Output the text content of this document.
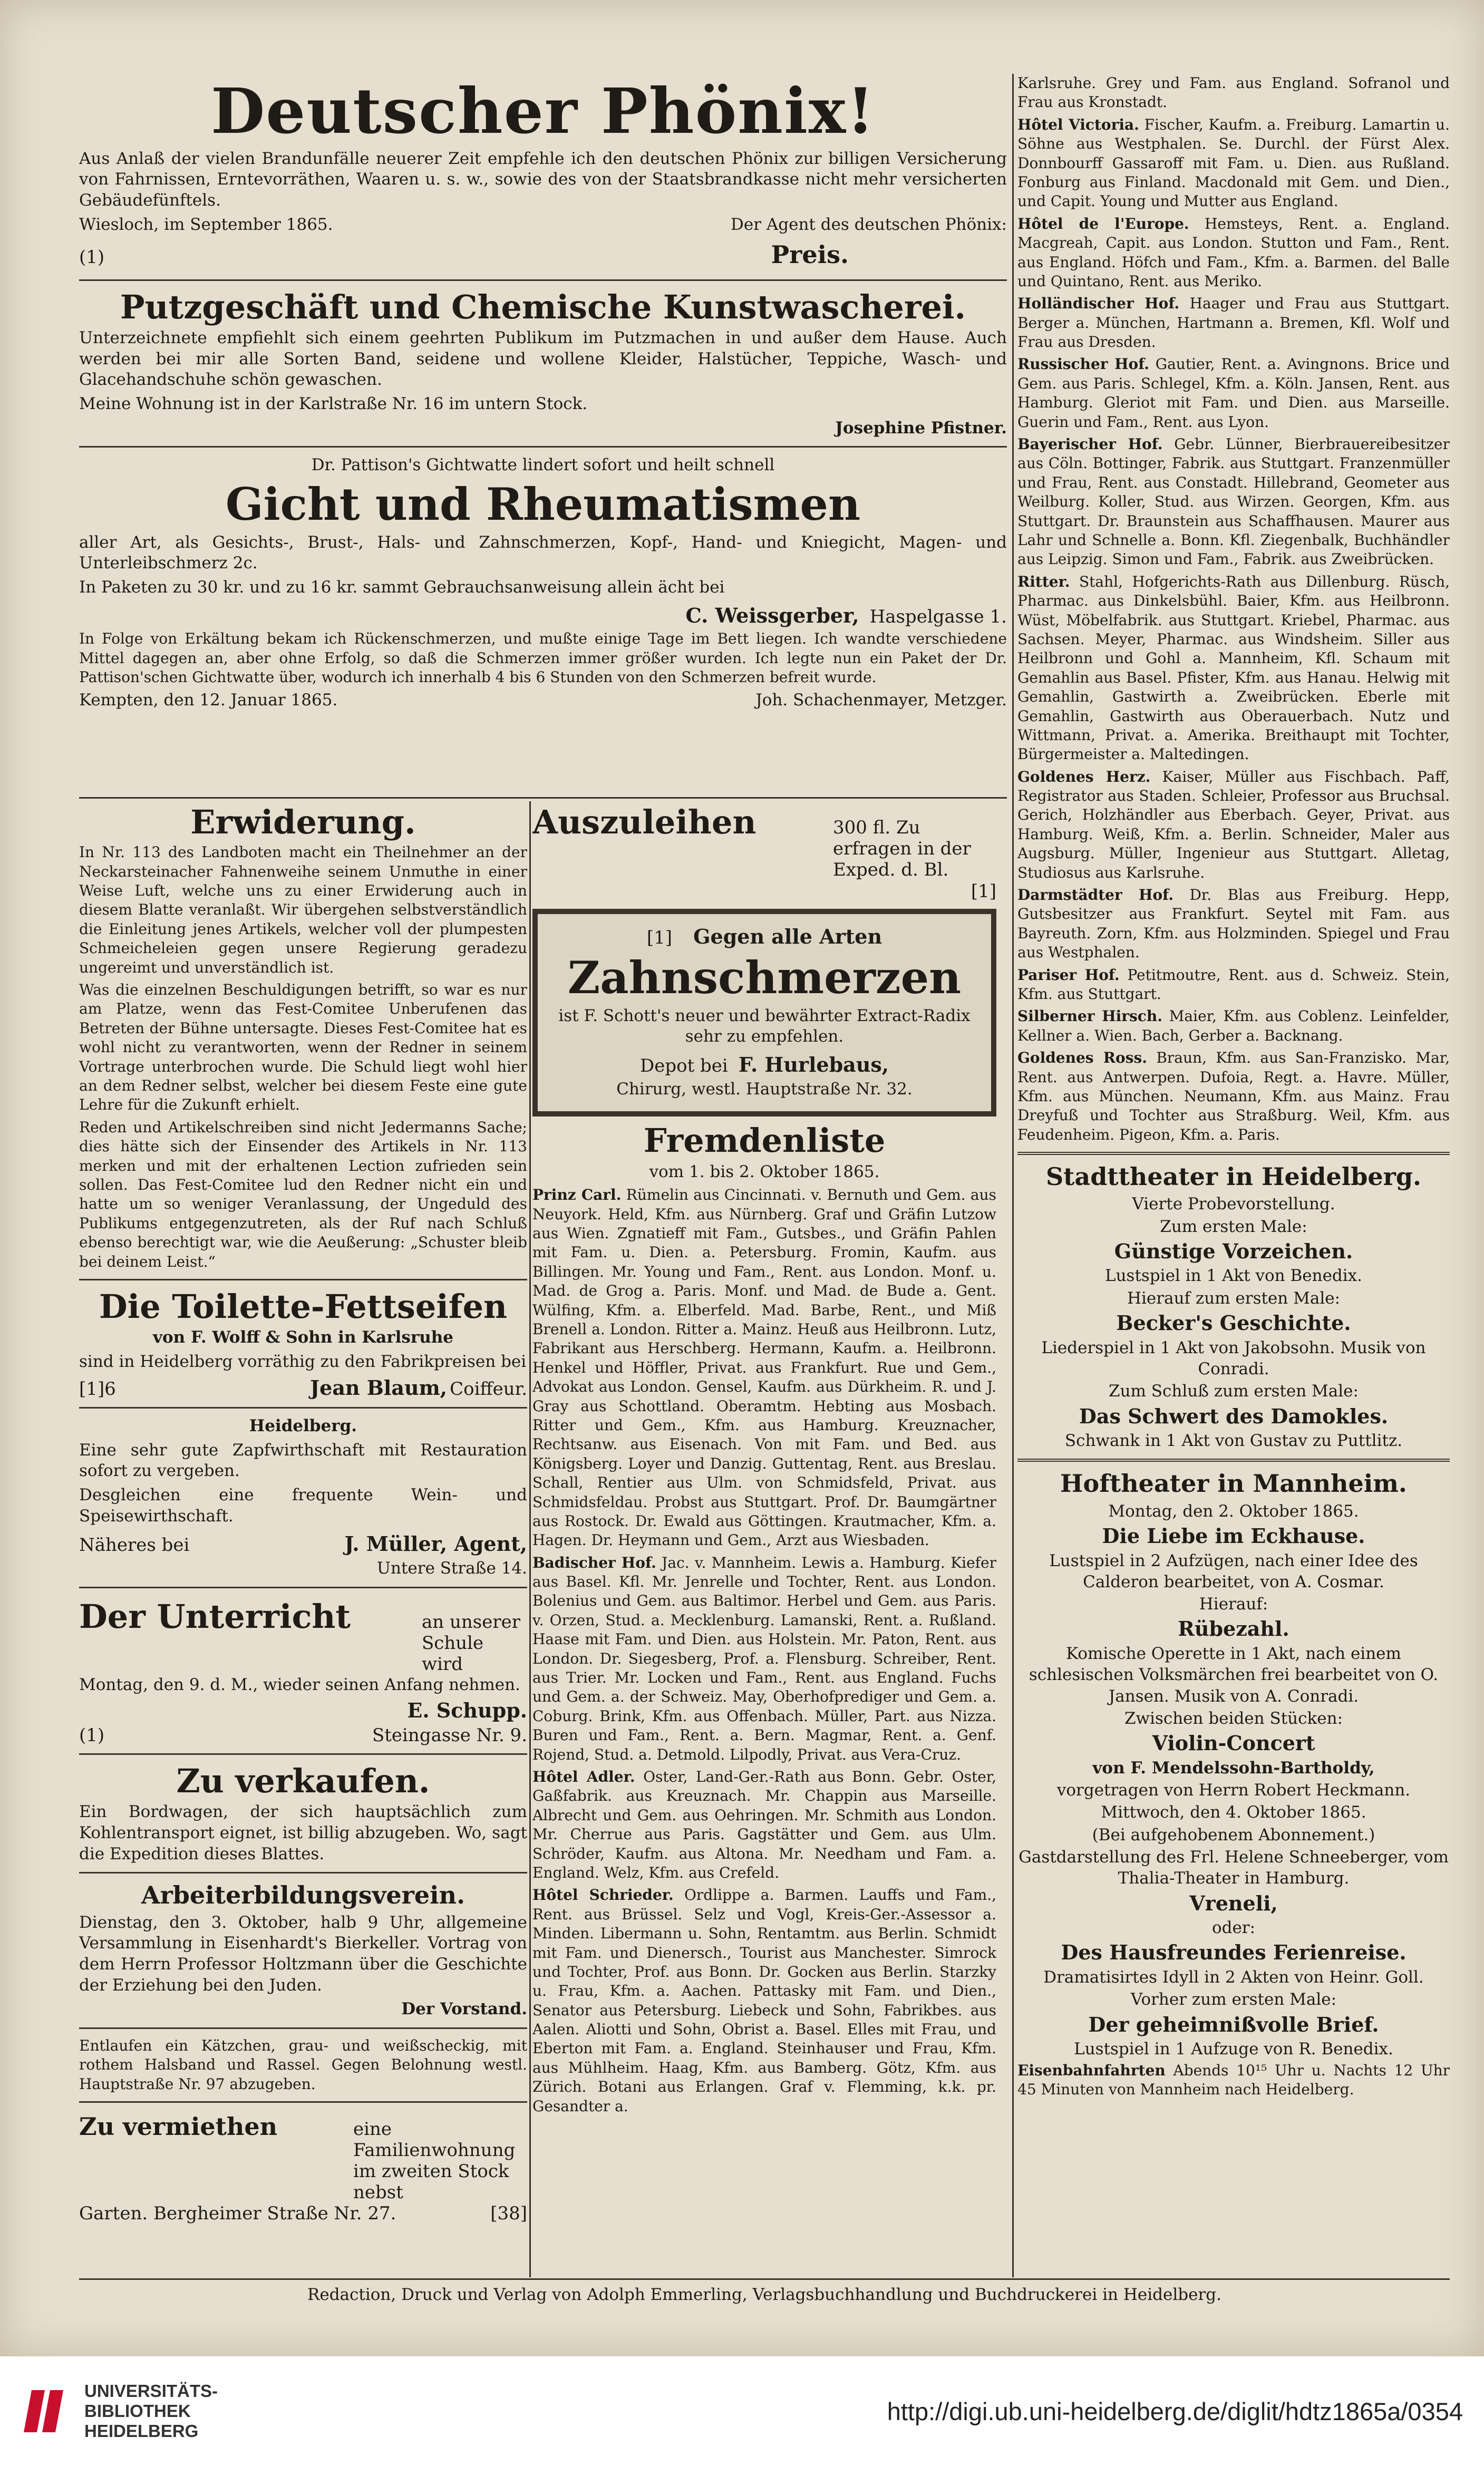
Deutscher Phönix!

Aus Anlaß der vielen Brandunfälle neuerer Zeit empfehle ich den deutschen Phönix zur billigen Versicherung von Fahrnissen, Erntevorräthen, Waaren u. s. w., sowie des von der Staatsbrandkasse nicht mehr versicherten Gebäudefünftels.

Wiesloch, im September 1865.	Der Agent des deutschen Phönix:

(1)	Preis.
Putzgeschäft und Chemische Kunstwascherei.

Unterzeichnete empfiehlt sich einem geehrten Publikum im Putzmachen in und außer dem Hause. Auch werden bei mir alle Sorten Band, seidene und wollene Kleider, Halstücher, Teppiche, Wasch- und Glacehandschuhe schön gewaschen.

Meine Wohnung ist in der Karlstraße Nr. 16 im untern Stock.

Josephine Pfistner.

Dr. Pattison's Gichtwatte lindert sofort und heilt schnell

Gicht und Rheumatismen

aller Art, als Gesichts-, Brust-, Hals- und Zahnschmerzen, Kopf-, Hand- und Kniegicht, Magen- und Unterleibschmerz 2c.

In Paketen zu 30 kr. und zu 16 kr. sammt Gebrauchsanweisung allein ächt bei

C. Weissgerber, Haspelgasse 1.

In Folge von Erkältung bekam ich Rückenschmerzen, und mußte einige Tage im Bett liegen. Ich wandte verschiedene Mittel dagegen an, aber ohne Erfolg, so daß die Schmerzen immer größer wurden. Ich legte nun ein Paket der Dr. Pattison'schen Gichtwatte über, wodurch ich innerhalb 4 bis 6 Stunden von den Schmerzen befreit wurde.

Kempten, den 12. Januar 1865.	Joh. Schachenmayer, Metzger.

Erwiderung.

In Nr. 113 des Landboten macht ein Theilnehmer an der Neckarsteinacher Fahnenweihe seinem Unmuthe in einer Weise Luft, welche uns zu einer Erwiderung auch in diesem Blatte veranlaßt. Wir übergehen selbstverständlich die Einleitung jenes Artikels, welcher voll der plumpesten Schmeicheleien gegen unsere Regierung geradezu ungereimt und unverständlich ist.

Was die einzelnen Beschuldigungen betrifft, so war es nur am Platze, wenn das Fest-Comitee Unberufenen das Betreten der Bühne untersagte. Dieses Fest-Comitee hat es wohl nicht zu verantworten, wenn der Redner in seinem Vortrage unterbrochen wurde. Die Schuld liegt wohl hier an dem Redner selbst, welcher bei diesem Feste eine gute Lehre für die Zukunft erhielt.

Reden und Artikelschreiben sind nicht Jedermanns Sache; dies hätte sich der Einsender des Artikels in Nr. 113 merken und mit der erhaltenen Lection zufrieden sein sollen. Das Fest-Comitee lud den Redner nicht ein und hatte um so weniger Veranlassung, der Ungeduld des Publikums entgegenzutreten, als der Ruf nach Schluß ebenso berechtigt war, wie die Aeußerung: „Schuster bleib bei deinem Leist.“

Die Toilette-Fettseifen

von F. Wolff & Sohn in Karlsruhe

sind in Heidelberg vorräthig zu den Fabrikpreisen bei

[1]6	Jean Blaum, Coiffeur.

Heidelberg.

Eine sehr gute Zapfwirthschaft mit Restauration sofort zu vergeben.

Desgleichen eine frequente Wein- und Speisewirthschaft.

Näheres bei	J. Müller, Agent,

Untere Straße 14.

Der Unterricht	an unserer Schule wird

Montag, den 9. d. M., wieder seinen Anfang nehmen.

E. Schupp.

(1)	Steingasse Nr. 9.
Zu verkaufen.

Ein Bordwagen, der sich hauptsächlich zum Kohlentransport eignet, ist billig abzugeben. Wo, sagt die Expedition dieses Blattes.

Arbeiterbildungsverein.

Dienstag, den 3. Oktober, halb 9 Uhr, allgemeine Versammlung in Eisenhardt's Bierkeller. Vortrag von dem Herrn Professor Holtzmann über die Geschichte der Erziehung bei den Juden.

Der Vorstand.

Entlaufen ein Kätzchen, grau- und weißscheckig, mit rothem Halsband und Rassel. Gegen Belohnung westl. Hauptstraße Nr. 97 abzugeben.

Zu vermiethen	eine Familienwohnung im zweiten Stock nebst
Garten. Bergheimer Straße Nr. 27.	[38]
Auszuleihen	300 fl. Zu erfragen in der Exped. d. Bl.

[1]

[1] Gegen alle Arten
Zahnschmerzen

ist F. Schott's neuer und bewährter Extract-Radix sehr zu empfehlen.

Depot bei F. Hurlebaus,

Chirurg, westl. Hauptstraße Nr. 32.

Fremdenliste

vom 1. bis 2. Oktober 1865.

Prinz Carl. Rümelin aus Cincinnati. v. Bernuth und Gem. aus Neuyork. Held, Kfm. aus Nürnberg. Graf und Gräfin Lutzow aus Wien. Zgnatieff mit Fam., Gutsbes., und Gräfin Pahlen mit Fam. u. Dien. a. Petersburg. Fromin, Kaufm. aus Billingen. Mr. Young und Fam., Rent. aus London. Monf. u. Mad. de Grog a. Paris. Monf. und Mad. de Bude a. Gent. Wülfing, Kfm. a. Elberfeld. Mad. Barbe, Rent., und Miß Brenell a. London. Ritter a. Mainz. Heuß aus Heilbronn. Lutz, Fabrikant aus Herschberg. Hermann, Kaufm. a. Heilbronn. Henkel und Höffler, Privat. aus Frankfurt. Rue und Gem., Advokat aus London. Gensel, Kaufm. aus Dürkheim. R. und J. Gray aus Schottland. Oberamtm. Hebting aus Mosbach. Ritter und Gem., Kfm. aus Hamburg. Kreuznacher, Rechtsanw. aus Eisenach. Von mit Fam. und Bed. aus Königsberg. Loyer und Danzig. Guttentag, Rent. aus Breslau. Schall, Rentier aus Ulm. von Schmidsfeld, Privat. aus Schmidsfeldau. Probst aus Stuttgart. Prof. Dr. Baumgärtner aus Rostock. Dr. Ewald aus Göttingen. Krautmacher, Kfm. a. Hagen. Dr. Heymann und Gem., Arzt aus Wiesbaden.

Badischer Hof. Jac. v. Mannheim. Lewis a. Hamburg. Kiefer aus Basel. Kfl. Mr. Jenrelle und Tochter, Rent. aus London. Bolenius und Gem. aus Baltimor. Herbel und Gem. aus Paris. v. Orzen, Stud. a. Mecklenburg. Lamanski, Rent. a. Rußland. Haase mit Fam. und Dien. aus Holstein. Mr. Paton, Rent. aus London. Dr. Siegesberg, Prof. a. Flensburg. Schreiber, Rent. aus Trier. Mr. Locken und Fam., Rent. aus England. Fuchs und Gem. a. der Schweiz. May, Oberhofprediger und Gem. a. Coburg. Brink, Kfm. aus Offenbach. Müller, Part. aus Nizza. Buren und Fam., Rent. a. Bern. Magmar, Rent. a. Genf. Rojend, Stud. a. Detmold. Lilpodly, Privat. aus Vera-Cruz.

Hôtel Adler. Oster, Land-Ger.-Rath aus Bonn. Gebr. Oster, Gaßfabrik. aus Kreuznach. Mr. Chappin aus Marseille. Albrecht und Gem. aus Oehringen. Mr. Schmith aus London. Mr. Cherrue aus Paris. Gagstätter und Gem. aus Ulm. Schröder, Kaufm. aus Altona. Mr. Needham und Fam. a. England. Welz, Kfm. aus Crefeld.

Hôtel Schrieder. Ordlippe a. Barmen. Lauffs und Fam., Rent. aus Brüssel. Selz und Vogl, Kreis-Ger.-Assessor a. Minden. Libermann u. Sohn, Rentamtm. aus Berlin. Schmidt mit Fam. und Dienersch., Tourist aus Manchester. Simrock und Tochter, Prof. aus Bonn. Dr. Gocken aus Berlin. Starzky u. Frau, Kfm. a. Aachen. Pattasky mit Fam. und Dien., Senator aus Petersburg. Liebeck und Sohn, Fabrikbes. aus Aalen. Aliotti und Sohn, Obrist a. Basel. Elles mit Frau, und Eberton mit Fam. a. England. Steinhauser und Frau, Kfm. aus Mühlheim. Haag, Kfm. aus Bamberg. Götz, Kfm. aus Zürich. Botani aus Erlangen. Graf v. Flemming, k.k. pr. Gesandter a.

Karlsruhe. Grey und Fam. aus England. Sofranol und Frau aus Kronstadt.

Hôtel Victoria. Fischer, Kaufm. a. Freiburg. Lamartin u. Söhne aus Westphalen. Se. Durchl. der Fürst Alex. Donnbourff Gassaroff mit Fam. u. Dien. aus Rußland. Fonburg aus Finland. Macdonald mit Gem. und Dien., und Capit. Young und Mutter aus England.

Hôtel de l'Europe. Hemsteys, Rent. a. England. Macgreah, Capit. aus London. Stutton und Fam., Rent. aus England. Höfch und Fam., Kfm. a. Barmen. del Balle und Quintano, Rent. aus Meriko.

Holländischer Hof. Haager und Frau aus Stuttgart. Berger a. München, Hartmann a. Bremen, Kfl. Wolf und Frau aus Dresden.

Russischer Hof. Gautier, Rent. a. Avingnons. Brice und Gem. aus Paris. Schlegel, Kfm. a. Köln. Jansen, Rent. aus Hamburg. Gleriot mit Fam. und Dien. aus Marseille. Guerin und Fam., Rent. aus Lyon.

Bayerischer Hof. Gebr. Lünner, Bierbrauereibesitzer aus Cöln. Bottinger, Fabrik. aus Stuttgart. Franzenmüller und Frau, Rent. aus Constadt. Hillebrand, Geometer aus Weilburg. Koller, Stud. aus Wirzen. Georgen, Kfm. aus Stuttgart. Dr. Braunstein aus Schaffhausen. Maurer aus Lahr und Schnelle a. Bonn. Kfl. Ziegenbalk, Buchhändler aus Leipzig. Simon und Fam., Fabrik. aus Zweibrücken.

Ritter. Stahl, Hofgerichts-Rath aus Dillenburg. Rüsch, Pharmac. aus Dinkelsbühl. Baier, Kfm. aus Heilbronn. Wüst, Möbelfabrik. aus Stuttgart. Kriebel, Pharmac. aus Sachsen. Meyer, Pharmac. aus Windsheim. Siller aus Heilbronn und Gohl a. Mannheim, Kfl. Schaum mit Gemahlin aus Basel. Pfister, Kfm. aus Hanau. Helwig mit Gemahlin, Gastwirth a. Zweibrücken. Eberle mit Gemahlin, Gastwirth aus Oberauerbach. Nutz und Wittmann, Privat. a. Amerika. Breithaupt mit Tochter, Bürgermeister a. Maltedingen.

Goldenes Herz. Kaiser, Müller aus Fischbach. Paff, Registrator aus Staden. Schleier, Professor aus Bruchsal. Gerich, Holzhändler aus Eberbach. Geyer, Privat. aus Hamburg. Weiß, Kfm. a. Berlin. Schneider, Maler aus Augsburg. Müller, Ingenieur aus Stuttgart. Alletag, Studiosus aus Karlsruhe.

Darmstädter Hof. Dr. Blas aus Freiburg. Hepp, Gutsbesitzer aus Frankfurt. Seytel mit Fam. aus Bayreuth. Zorn, Kfm. aus Holzminden. Spiegel und Frau aus Westphalen.

Pariser Hof. Petitmoutre, Rent. aus d. Schweiz. Stein, Kfm. aus Stuttgart.

Silberner Hirsch. Maier, Kfm. aus Coblenz. Leinfelder, Kellner a. Wien. Bach, Gerber a. Backnang.

Goldenes Ross. Braun, Kfm. aus San-Franzisko. Mar, Rent. aus Antwerpen. Dufoia, Regt. a. Havre. Müller, Kfm. aus München. Neumann, Kfm. aus Mainz. Frau Dreyfuß und Tochter aus Straßburg. Weil, Kfm. aus Feudenheim. Pigeon, Kfm. a. Paris.

Stadttheater in Heidelberg.
Vierte Probevorstellung.
Zum ersten Male:
Günstige Vorzeichen.
Lustspiel in 1 Akt von Benedix.
Hierauf zum ersten Male:
Becker's Geschichte.
Liederspiel in 1 Akt von Jakobsohn. Musik von Conradi.
Zum Schluß zum ersten Male:
Das Schwert des Damokles.
Schwank in 1 Akt von Gustav zu Puttlitz.
Hoftheater in Mannheim.
Montag, den 2. Oktober 1865.
Die Liebe im Eckhause.
Lustspiel in 2 Aufzügen, nach einer Idee des Calderon bearbeitet, von A. Cosmar.
Hierauf:
Rübezahl.
Komische Operette in 1 Akt, nach einem schlesischen Volksmärchen frei bearbeitet von O. Jansen. Musik von A. Conradi.
Zwischen beiden Stücken:
Violin-Concert
von F. Mendelssohn-Bartholdy,
vorgetragen von Herrn Robert Heckmann.
Mittwoch, den 4. Oktober 1865.
(Bei aufgehobenem Abonnement.)
Gastdarstellung des Frl. Helene Schneeberger, vom Thalia-Theater in Hamburg.
Vreneli,
oder:
Des Hausfreundes Ferienreise.
Dramatisirtes Idyll in 2 Akten von Heinr. Goll.
Vorher zum ersten Male:
Der geheimnißvolle Brief.
Lustspiel in 1 Aufzuge von R. Benedix.

Eisenbahnfahrten Abends 10¹⁵ Uhr u. Nachts 12 Uhr 45 Minuten von Mannheim nach Heidelberg.

Redaction, Druck und Verlag von Adolph Emmerling, Verlagsbuchhandlung und Buchdruckerei in Heidelberg.
UNIVERSITÄTS-
BIBLIOTHEK
HEIDELBERG
http://digi.ub.uni-heidelberg.de/diglit/hdtz1865a/0354
